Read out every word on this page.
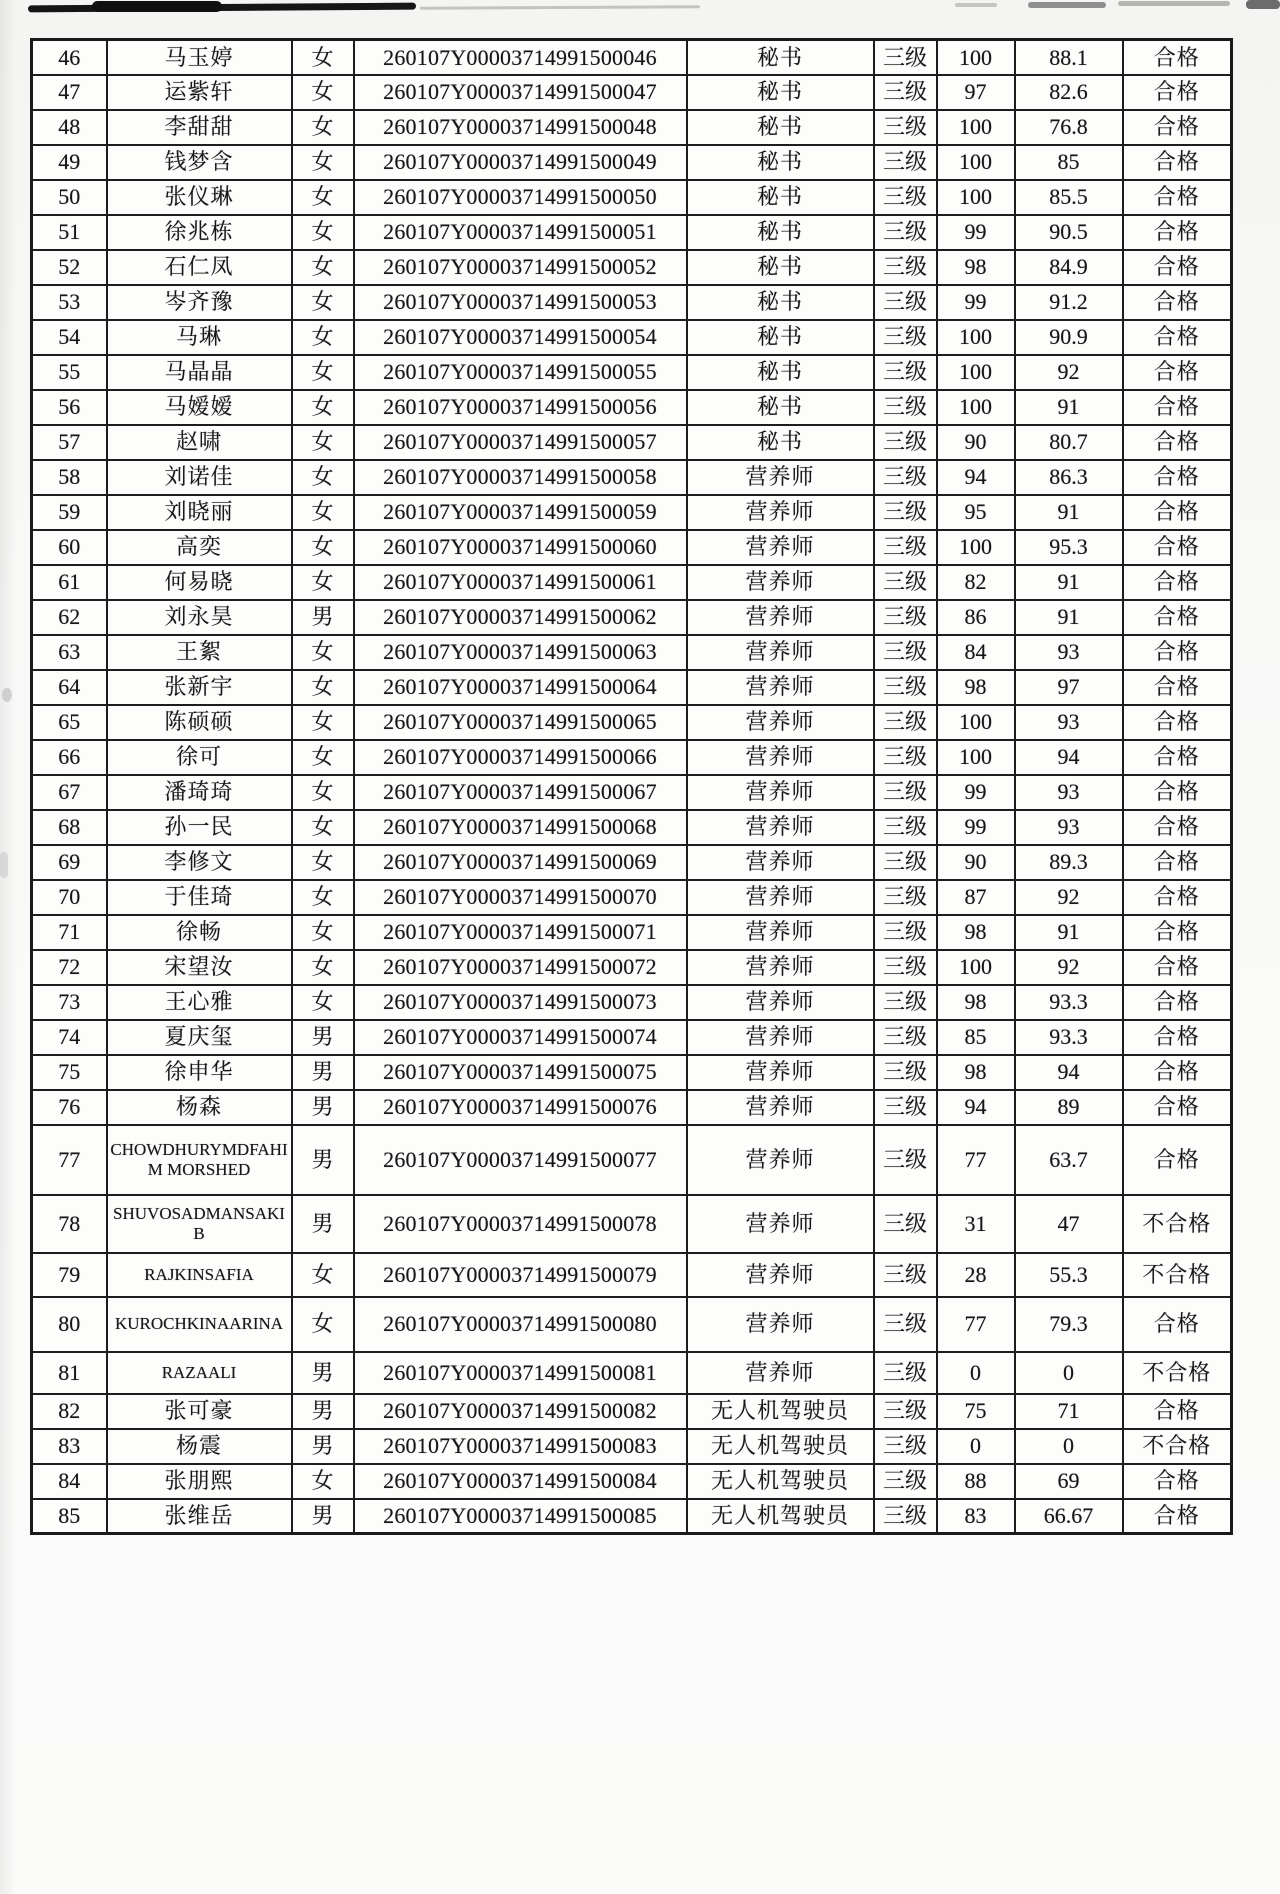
46	马玉婷	女	260107Y00003714991500046	秘书	三级	100	88.1	合格
47	运紫轩	女	260107Y00003714991500047	秘书	三级	97	82.6	合格
48	李甜甜	女	260107Y00003714991500048	秘书	三级	100	76.8	合格
49	钱梦含	女	260107Y00003714991500049	秘书	三级	100	85	合格
50	张仪琳	女	260107Y00003714991500050	秘书	三级	100	85.5	合格
51	徐兆栋	女	260107Y00003714991500051	秘书	三级	99	90.5	合格
52	石仁凤	女	260107Y00003714991500052	秘书	三级	98	84.9	合格
53	岑齐豫	女	260107Y00003714991500053	秘书	三级	99	91.2	合格
54	马琳	女	260107Y00003714991500054	秘书	三级	100	90.9	合格
55	马晶晶	女	260107Y00003714991500055	秘书	三级	100	92	合格
56	马嫒嫒	女	260107Y00003714991500056	秘书	三级	100	91	合格
57	赵啸	女	260107Y00003714991500057	秘书	三级	90	80.7	合格
58	刘诺佳	女	260107Y00003714991500058	营养师	三级	94	86.3	合格
59	刘晓丽	女	260107Y00003714991500059	营养师	三级	95	91	合格
60	高奕	女	260107Y00003714991500060	营养师	三级	100	95.3	合格
61	何易晓	女	260107Y00003714991500061	营养师	三级	82	91	合格
62	刘永昊	男	260107Y00003714991500062	营养师	三级	86	91	合格
63	王絮	女	260107Y00003714991500063	营养师	三级	84	93	合格
64	张新宇	女	260107Y00003714991500064	营养师	三级	98	97	合格
65	陈硕硕	女	260107Y00003714991500065	营养师	三级	100	93	合格
66	徐可	女	260107Y00003714991500066	营养师	三级	100	94	合格
67	潘琦琦	女	260107Y00003714991500067	营养师	三级	99	93	合格
68	孙一民	女	260107Y00003714991500068	营养师	三级	99	93	合格
69	李修文	女	260107Y00003714991500069	营养师	三级	90	89.3	合格
70	于佳琦	女	260107Y00003714991500070	营养师	三级	87	92	合格
71	徐畅	女	260107Y00003714991500071	营养师	三级	98	91	合格
72	宋望汝	女	260107Y00003714991500072	营养师	三级	100	92	合格
73	王心雅	女	260107Y00003714991500073	营养师	三级	98	93.3	合格
74	夏庆玺	男	260107Y00003714991500074	营养师	三级	85	93.3	合格
75	徐申华	男	260107Y00003714991500075	营养师	三级	98	94	合格
76	杨森	男	260107Y00003714991500076	营养师	三级	94	89	合格
77	CHOWDHURYMDFAHIM MORSHED	男	260107Y00003714991500077	营养师	三级	77	63.7	合格
78	SHUVOSADMANSAKIB	男	260107Y00003714991500078	营养师	三级	31	47	不合格
79	RAJKINSAFIA	女	260107Y00003714991500079	营养师	三级	28	55.3	不合格
80	KUROCHKINAARINA	女	260107Y00003714991500080	营养师	三级	77	79.3	合格
81	RAZAALI	男	260107Y00003714991500081	营养师	三级	0	0	不合格
82	张可豪	男	260107Y00003714991500082	无人机驾驶员	三级	75	71	合格
83	杨震	男	260107Y00003714991500083	无人机驾驶员	三级	0	0	不合格
84	张朋熙	女	260107Y00003714991500084	无人机驾驶员	三级	88	69	合格
85	张维岳	男	260107Y00003714991500085	无人机驾驶员	三级	83	66.67	合格
